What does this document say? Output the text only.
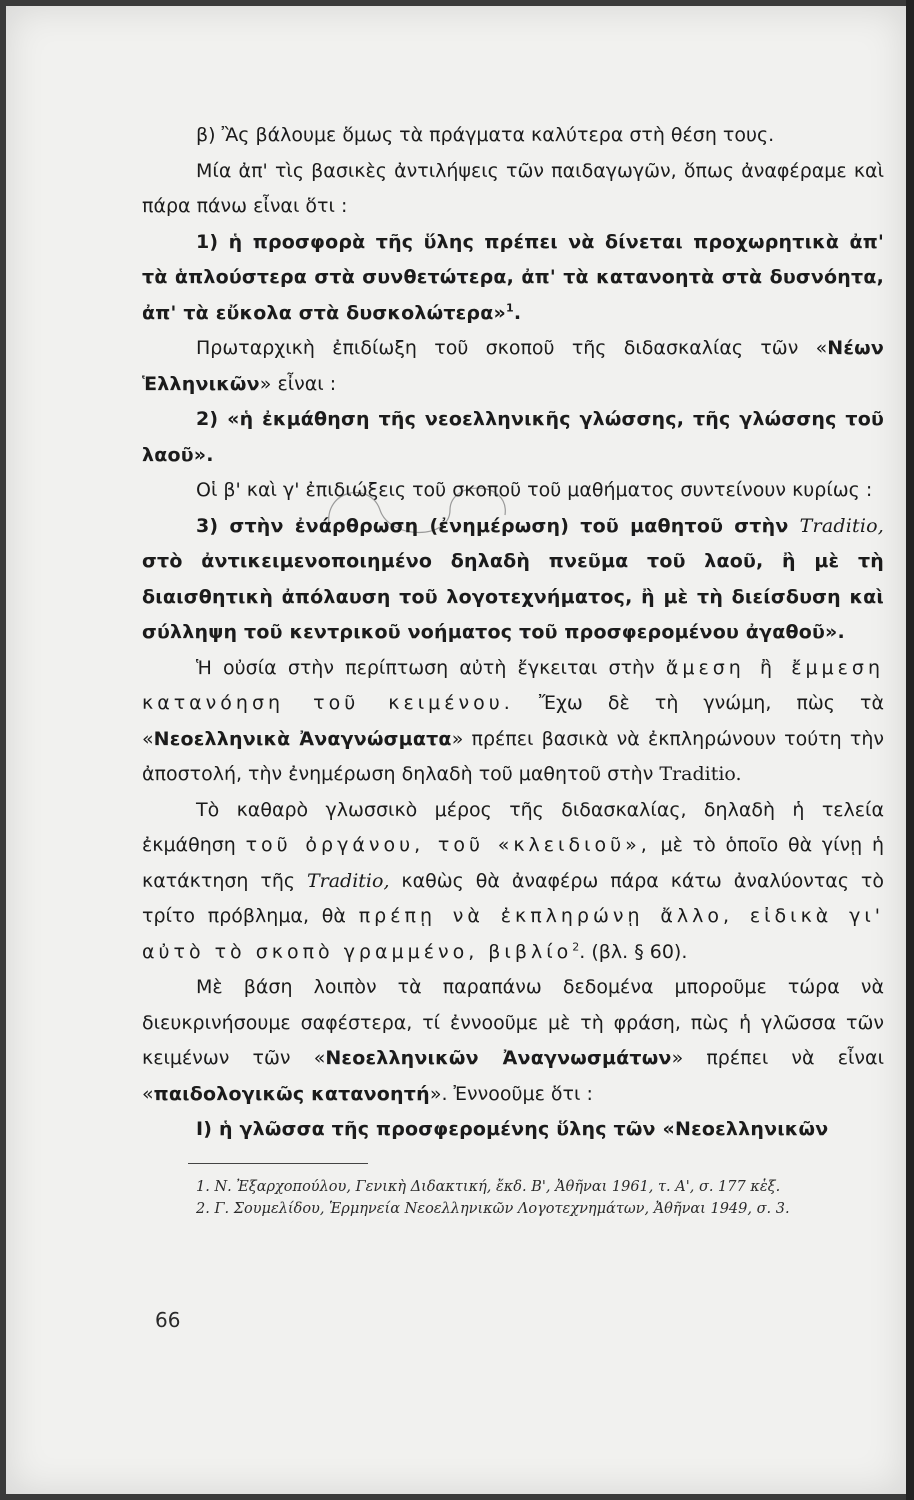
β) Ἂς βάλουμε ὅμως τὰ πράγματα καλύτερα στὴ θέση τους.

Μία ἀπ' τὶς βασικὲς ἀντιλήψεις τῶν παιδαγωγῶν, ὅπως ἀναφέραμε καὶ πάρα πάνω εἶναι ὅτι :

1) ἡ προσφορὰ τῆς ὕλης πρέπει νὰ δίνεται προχωρητικὰ ἀπ' τὰ ἁπλούστερα στὰ συνθετώτερα, ἀπ' τὰ κατανοητὰ στὰ δυσνόητα, ἀπ' τὰ εὔκολα στὰ δυσκολώτερα»$^1$.

Πρωταρχικὴ ἐπιδίωξη τοῦ σκοποῦ τῆς διδασκαλίας τῶν «Νέων Ἑλληνικῶν» εἶναι :

2) «ἡ ἐκμάθηση τῆς νεοελληνικῆς γλώσσης, τῆς γλώσσης τοῦ λαοῦ».

Οἱ β' καὶ γ' ἐπιδιώξεις τοῦ σκοποῦ τοῦ μαθήματος συντείνουν κυρίως :

3) στὴν ἐνάρθρωση (ἐνημέρωση) τοῦ μαθητοῦ στὴν Traditio, στὸ ἀντικειμενοποιημένο δηλαδὴ πνεῦμα τοῦ λαοῦ, ἢ μὲ τὴ διαισθητικὴ ἀπόλαυση τοῦ λογοτεχνήματος, ἢ μὲ τὴ διείσδυση καὶ σύλληψη τοῦ κεντρικοῦ νοήματος τοῦ προσφερομένου ἀγαθοῦ».

Ἡ οὐσία στὴν περίπτωση αὐτὴ ἔγκειται στὴν ἄμεση ἢ ἔμμεση κατανόηση τοῦ κειμένου. Ἔχω δὲ τὴ γνώμη, πὼς τὰ «Νεοελληνικὰ Ἀναγνώσματα» πρέπει βασικὰ νὰ ἐκπληρώνουν τούτη τὴν ἀποστολή, τὴν ἐνημέρωση δηλαδὴ τοῦ μαθητοῦ στὴν Traditio.

Τὸ καθαρὸ γλωσσικὸ μέρος τῆς διδασκαλίας, δηλαδὴ ἡ τελεία ἐκμάθηση τοῦ ὀργάνου, τοῦ «κλειδιοῦ», μὲ τὸ ὁποῖο θὰ γίνῃ ἡ κατάκτηση τῆς Traditio, καθὼς θὰ ἀναφέρω πάρα κάτω ἀναλύοντας τὸ τρίτο πρόβλημα, θὰ πρέπῃ νὰ ἐκπληρώνῃ ἄλλο, εἰδικὰ γι' αὐτὸ τὸ σκοπὸ γραμμένο, βιβλίο$^2$. (βλ. § 60).

Μὲ βάση λοιπὸν τὰ παραπάνω δεδομένα μποροῦμε τώρα νὰ διευκρινήσουμε σαφέστερα, τί ἐννοοῦμε μὲ τὴ φράση, πὼς ἡ γλῶσσα τῶν κειμένων τῶν «Νεοελληνικῶν Ἀναγνωσμάτων» πρέπει νὰ εἶναι «παιδολογικῶς κατανοητή». Ἐννοοῦμε ὅτι :

I) ἡ γλῶσσα τῆς προσφερομένης ὕλης τῶν «Νεοελληνικῶν

1. Ν. Ἐξαρχοπούλου, Γενικὴ Διδακτική, ἔκδ. Β', Ἀθῆναι 1961, τ. Α', σ. 177 κἑξ.

2. Γ. Σουμελίδου, Ἑρμηνεία Νεοελληνικῶν Λογοτεχνημάτων, Ἀθῆναι 1949, σ. 3.

66
